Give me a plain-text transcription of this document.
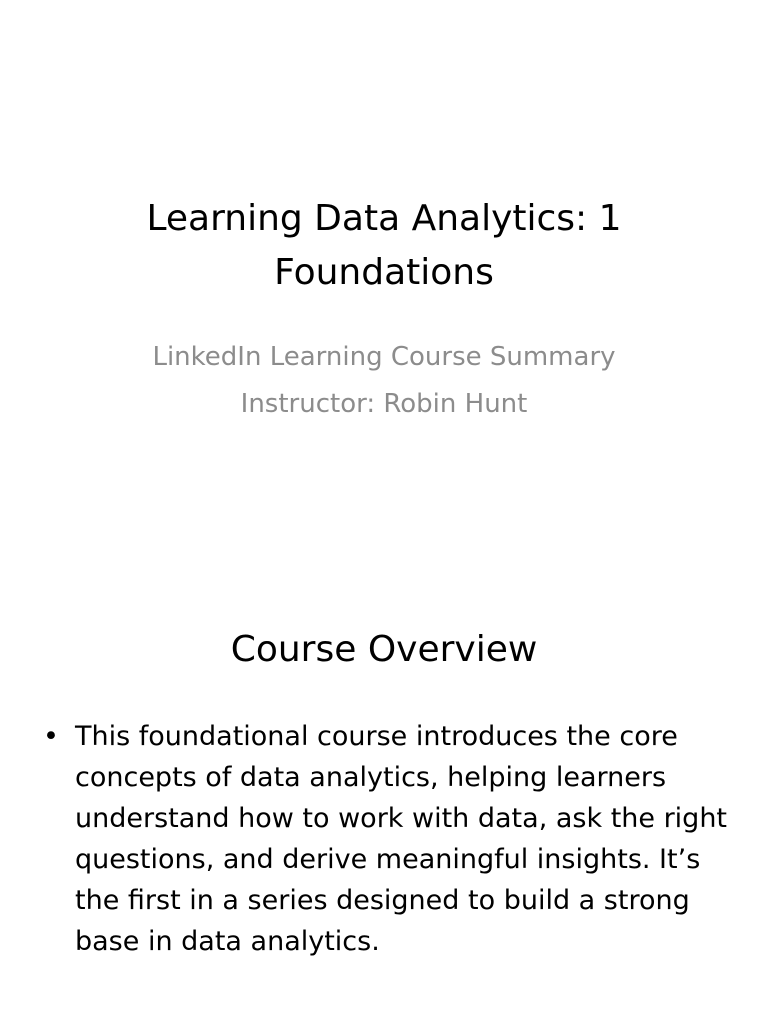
Learning Data Analytics: 1
Foundations
LinkedIn Learning Course Summary
Instructor: Robin Hunt
Course Overview
• This foundational course introduces the core concepts of data analytics, helping learners understand how to work with data, ask the right questions, and derive meaningful insights. It’s the first in a series designed to build a strong base in data analytics.
